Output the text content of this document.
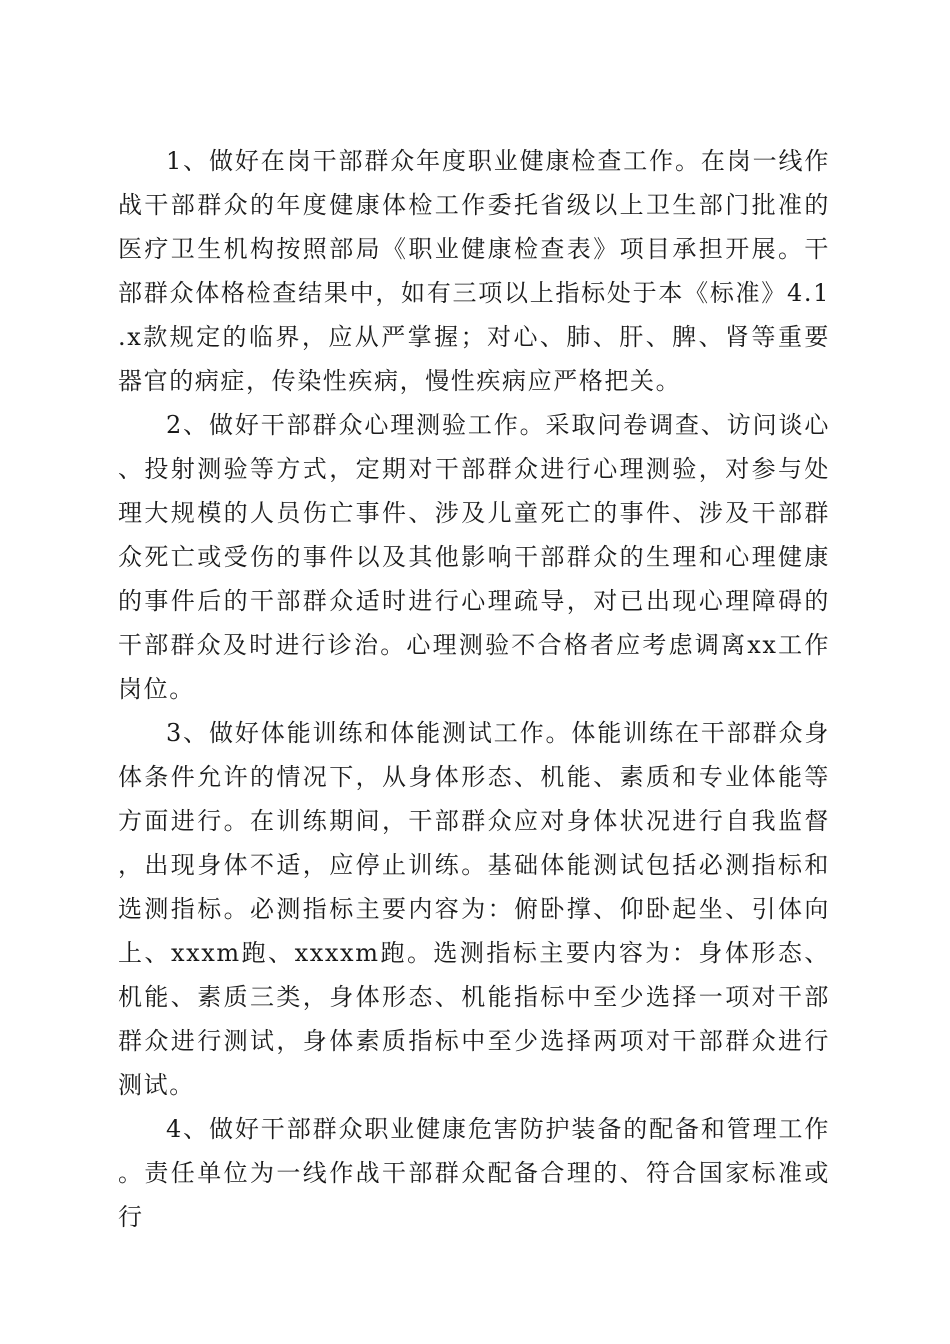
1、做好在岗干部群众年度职业健康检查工作。在岗一线作战干部群众的年度健康体检工作委托省级以上卫生部门批准的医疗卫生机构按照部局《职业健康检查表》项目承担开展。干部群众体格检查结果中，如有三项以上指标处于本《标准》4.1.x款规定的临界，应从严掌握；对心、肺、肝、脾、肾等重要器官的病症，传染性疾病，慢性疾病应严格把关。

2、做好干部群众心理测验工作。采取问卷调查、访问谈心、投射测验等方式，定期对干部群众进行心理测验，对参与处理大规模的人员伤亡事件、涉及儿童死亡的事件、涉及干部群众死亡或受伤的事件以及其他影响干部群众的生理和心理健康的事件后的干部群众适时进行心理疏导，对已出现心理障碍的干部群众及时进行诊治。心理测验不合格者应考虑调离xx工作岗位。

3、做好体能训练和体能测试工作。体能训练在干部群众身体条件允许的情况下，从身体形态、机能、素质和专业体能等方面进行。在训练期间，干部群众应对身体状况进行自我监督，出现身体不适，应停止训练。基础体能测试包括必测指标和选测指标。必测指标主要内容为：俯卧撑、仰卧起坐、引体向上、xxxm跑、xxxxm跑。选测指标主要内容为：身体形态、机能、素质三类，身体形态、机能指标中至少选择一项对干部群众进行测试，身体素质指标中至少选择两项对干部群众进行测试。

4、做好干部群众职业健康危害防护装备的配备和管理工作。责任单位为一线作战干部群众配备合理的、符合国家标准或行
